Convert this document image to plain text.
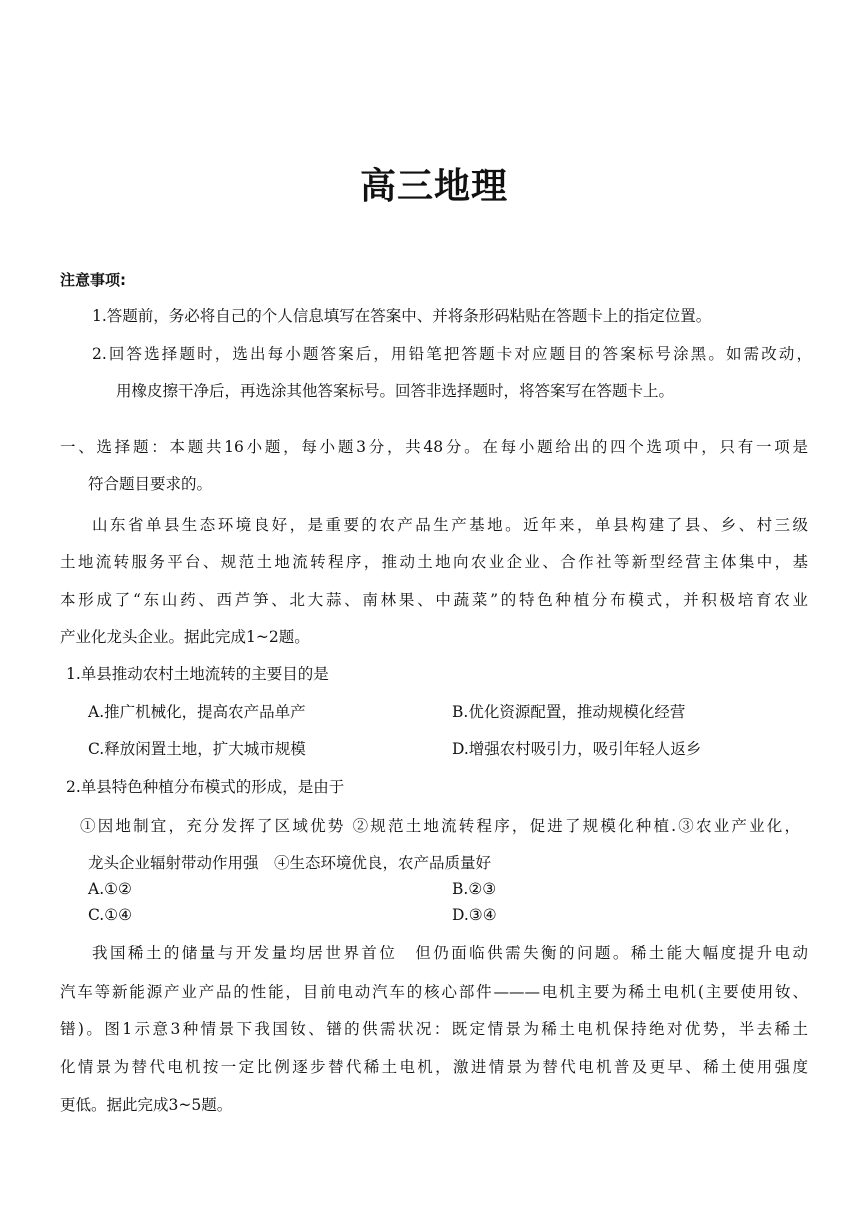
高三地理
注意事项:
1.答题前，务必将自己的个人信息填写在答案中、并将条形码粘贴在答题卡上的指定位置。
2.回答选择题时，选出每小题答案后，用铅笔把答题卡对应题目的答案标号涂黑。如需改动，
用橡皮擦干净后，再选涂其他答案标号。回答非选择题时，将答案写在答题卡上。
一、选择题：本题共16小题，每小题3分，共48分。在每小题给出的四个选项中，只有一项是
符合题目要求的。
山东省单县生态环境良好，是重要的农产品生产基地。近年来，单县构建了县、乡、村三级
土地流转服务平台、规范土地流转程序，推动土地向农业企业、合作社等新型经营主体集中，基
本形成了“东山药、西芦笋、北大蒜、南林果、中蔬菜”的特色种植分布模式，并积极培育农业
产业化龙头企业。据此完成1~2题。
1.单县推动农村土地流转的主要目的是
A.推广机械化，提高农产品单产	B.优化资源配置，推动规模化经营
C.释放闲置土地，扩大城市规模	D.增强农村吸引力，吸引年轻人返乡
2.单县特色种植分布模式的形成，是由于
①因地制宜，充分发挥了区域优势 ②规范土地流转程序，促进了规模化种植.③农业产业化，
龙头企业辐射带动作用强　④生态环境优良，农产品质量好
A.①②	B.②③
C.①④	D.③④
我国稀土的储量与开发量均居世界首位　但仍面临供需失衡的问题。稀土能大幅度提升电动
汽车等新能源产业产品的性能，目前电动汽车的核心部件———电机主要为稀土电机(主要使用钕、
镨)。图1示意3种情景下我国钕、镨的供需状况：既定情景为稀土电机保持绝对优势，半去稀土
化情景为替代电机按一定比例逐步替代稀土电机，激进情景为替代电机普及更早、稀土使用强度
更低。据此完成3~5题。
